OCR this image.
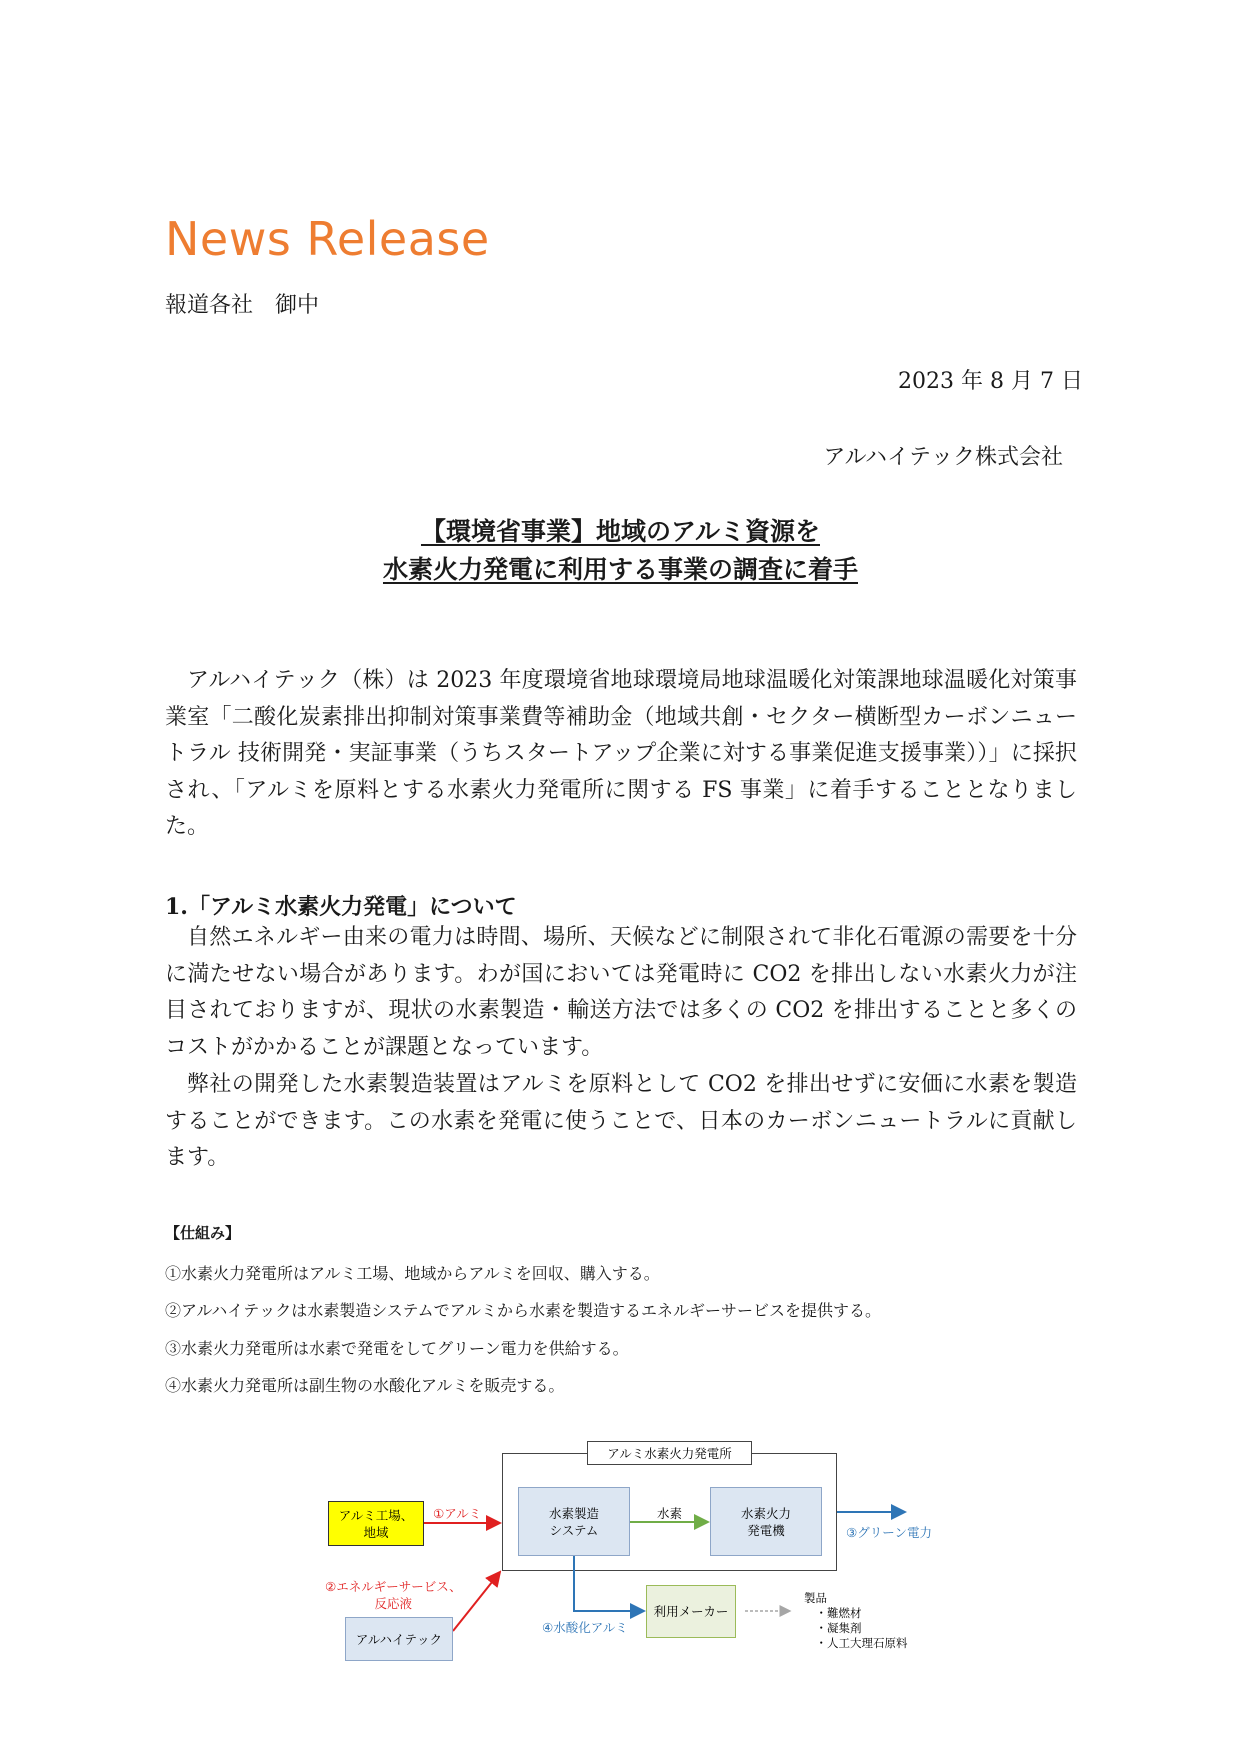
News Release
報道各社　御中
2023 年 8 月 7 日
アルハイテック株式会社
【環境省事業】地域のアルミ資源を
水素火力発電に利用する事業の調査に着手
アルハイテック（株）は 2023 年度環境省地球環境局地球温暖化対策課地球温暖化対策事業室「二酸化炭素排出抑制対策事業費等補助金（地域共創・セクター横断型カーボンニュートラル 技術開発・実証事業（うちスタートアップ企業に対する事業促進支援事業））」に採択され、「アルミを原料とする水素火力発電所に関する FS 事業」に着手することとなりました。
1.「アルミ水素火力発電」について
自然エネルギー由来の電力は時間、場所、天候などに制限されて非化石電源の需要を十分に満たせない場合があります。わが国においては発電時に CO2 を排出しない水素火力が注目されておりますが、現状の水素製造・輸送方法では多くの CO2 を排出することと多くのコストがかかることが課題となっています。
弊社の開発した水素製造装置はアルミを原料として CO2 を排出せずに安価に水素を製造することができます。この水素を発電に使うことで、日本のカーボンニュートラルに貢献します。
【仕組み】
①水素火力発電所はアルミ工場、地域からアルミを回収、購入する。
②アルハイテックは水素製造システムでアルミから水素を製造するエネルギーサービスを提供する。
③水素火力発電所は水素で発電をしてグリーン電力を供給する。
④水素火力発電所は副生物の水酸化アルミを販売する。
アルミ水素火力発電所
アルミ工場、
地域
水素製造
システム
水素火力
発電機
利用メーカー
アルハイテック
①アルミ	水素
③グリーン電力
②エネルギーサービス、
反応液
④水酸化アルミ
製品
　・難燃材
　・凝集剤
　・人工大理石原料
